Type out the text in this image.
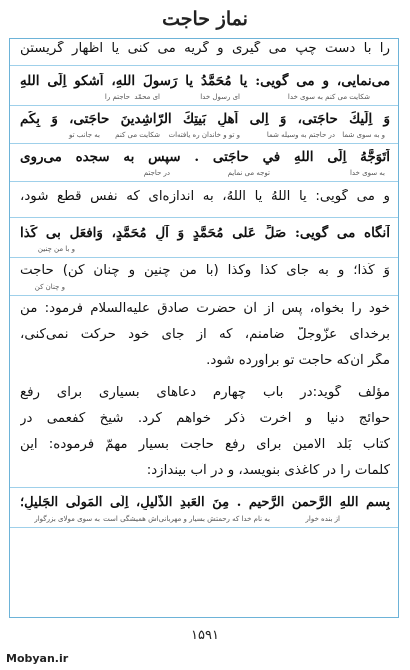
نماز حاجت
را با دست چپ می گیری و گریه می کنی یا اظهار گریستن
می‌نمایی، و می گویی: یا مُحَمَّدُ یا رَسولَ اللهِ، اَشکو اِلَی اللهِ
حاجتم را	ای رسول خدا
ای محمّد	شکایت می کنم به سوی خدا
وَ اِلَیكَ حاجَتی، وَ اِلی اَهلِ بَیتِكَ الرّاشِدینَ حاجَتی، وَ بِكُم
به جانب تو	و به سوی شما
در حاجتم به وسیله شما
و تو و خاندان ره یافته‌ات
شکایت می کنم
اَتَوَجَّهُ اِلَی اللهِ في حاجَتی . سپس به سجده می‌روی
توجه می نمایم	به سوی خدا
در حاجتم
و می گویی: یا اللهُ یا اللهُ، به اندازه‌ای که نفس قطع شود،
آنگاه می گویی: صَلِّ عَلی مُحَمَّدٍ وَ آلِ مُحَمَّدٍ، وَافعَل بی كَذا
و با من چنین
وَ كَذا؛ و به جای كذا وكذا (با من چنین و چنان کن) حاجت
و چنان کن
خود را بخواه، پس از آن حضرت صادق علیه‌السلام فرمود: من
برخدای عزّوجلّ ضامنم، که از جای خود حرکت نمی‌کنی،
مگر آن‌که حاجت تو برآورده شود.
مؤلّف گوید:در باب چهارم دعاهای بسیاری برای رفع
حوائج دنیا و آخرت ذکر خواهم کرد. شیخ کفعمی در
کتاب بَلَد الامین برای رفع حاجت بسیار مهمّ فرموده: این
کلمات را در کاغذی بنویسد، و در آب بیندازد:
بِسمِ اللهِ الرَّحمنِ الرَّحیمِ . مِنَ العَبدِ الذَّلیلِ، اِلَی المَولَی الجَلیلِ؛
به نام خدا که رحمتش بسیار و مهربانی‌اش همیشگی است	از بنده خوار
به سوی مولای بزرگوار
۱۵۹۱
Mobyan.ir
